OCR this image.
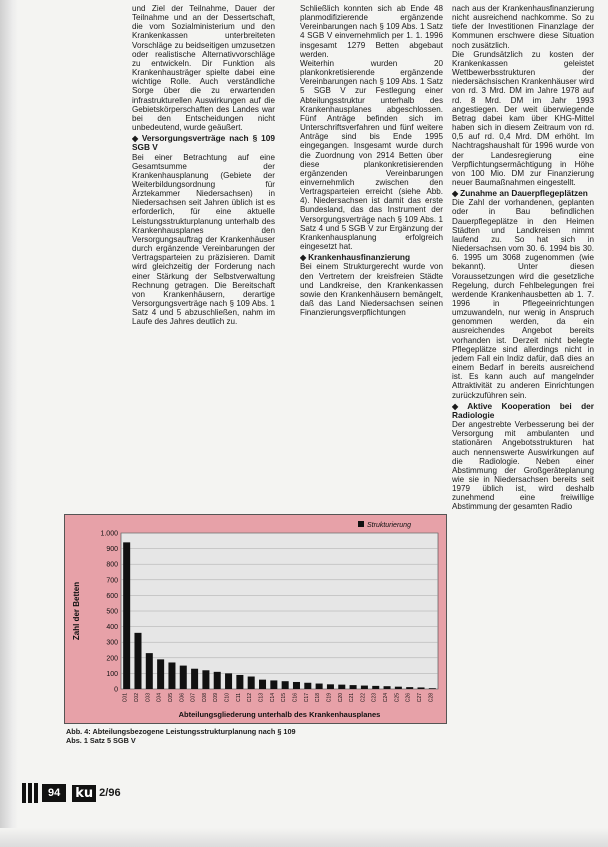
und Ziel der Teilnahme, Dauer der Teilnahme und an der Dessertschaft, die vom Sozialministerium und den Krankenkassen unterbreiteten Vorschläge zu beidseitigen umzusetzen oder realistische Alternativvorschläge zu entwickeln. Dir Funktion als Krankenhausträger spielte dabei eine wichtige Rolle. Auch verständliche Sorge über die zu erwartenden infrastrukturellen Auswirkungen auf die Gebietskörperschaften des Landes war bei den Entscheidungen nicht unbedeutend, wurde geäußert.

◆ Versorgungsverträge nach § 109 SGB V

Bei einer Betrachtung auf eine Gesamtsumme der Krankenhausplanung (Gebiete der Weiterbildungsordnung für Ärztekammer Niedersachsen) in Niedersachsen seit Jahren üblich ist es erforderlich, für eine aktuelle Leistungsstrukturplanung unterhalb des Krankenhausplanes den Versorgungsauftrag der Krankenhäuser durch ergänzende Vereinbarungen der Vertragsparteien zu präzisieren. Damit wird gleichzeitig der Forderung nach einer Stärkung der Selbstverwaltung Rechnung getragen. Die Bereitschaft von Krankenhäusern, derartige Versorgungsverträge nach § 109 Abs. 1 Satz 4 und 5 abzuschließen, nahm im Laufe des Jahres deutlich zu.

Schließlich konnten sich ab Ende 48 planmodifizierende ergänzende Vereinbarungen nach § 109 Abs. 1 Satz 4 SGB V einvernehmlich per 1. 1. 1996 insgesamt 1279 Betten abgebaut werden.

Weiterhin wurden 20 plankonkretisierende ergänzende Vereinbarungen nach § 109 Abs. 1 Satz 5 SGB V zur Festlegung einer Abteilungsstruktur unterhalb des Krankenhausplanes abgeschlossen. Fünf Anträge befinden sich im Unterschriftsverfahren und fünf weitere Anträge sind bis Ende 1995 eingegangen. Insgesamt wurde durch die Zuordnung von 2914 Betten über diese plankonkretisierenden ergänzenden Vereinbarungen einvernehmlich zwischen den Vertragsparteien erreicht (siehe Abb. 4). Niedersachsen ist damit das erste Bundesland, das das Instrument der Versorgungsverträge nach § 109 Abs. 1 Satz 4 und 5 SGB V zur Ergänzung der Krankenhausplanung erfolgreich eingesetzt hat.

◆ Krankenhausfinanzierung

Bei einem Strukturgerecht wurde von den Vertretern der kreisfreien Städte und Landkreise, den Krankenkassen sowie den Krankenhäusern bemängelt, daß das Land Niedersachsen seinen Finanzierungsverpflichtungen

nach aus der Krankenhausfinanzierung nicht ausreichend nachkomme. So zu tiefe der Investitionen Finanzlage der Kommunen erschwere diese Situation noch zusätzlich.

Die Grundsätzlich zu kosten der Krankenkassen geleistet Wettbewerbsstrukturen der niedersächsischen Krankenhäuser wird von rd. 3 Mrd. DM im Jahre 1978 auf rd. 8 Mrd. DM im Jahr 1993 angestiegen. Der weit überwiegende Betrag dabei kam über KHG-Mittel haben sich in diesem Zeitraum von rd. 0,5 auf rd. 0,4 Mrd. DM erhöht. Im Nachtragshaushalt für 1996 wurde von der Landesregierung eine Verpflichtungsermächtigung in Höhe von 100 Mio. DM zur Finanzierung neuer Baumaßnahmen eingestellt.

◆ Zunahme an Dauerpflegeplätzen

Die Zahl der vorhandenen, geplanten oder in Bau befindlichen Dauerpflegeplätze in den Heimen Städten und Landkreisen nimmt laufend zu. So hat sich in Niedersachsen vom 30. 6. 1994 bis 30. 6. 1995 um 3068 zugenommen (wie bekannt). Unter diesen Voraussetzungen wird die gesetzliche Regelung, durch Fehlbelegungen frei werdende Krankenhausbetten ab 1. 7. 1996 in Pflegeeinrichtungen umzuwandeln, nur wenig in Anspruch genommen werden, da ein ausreichendes Angebot bereits vorhanden ist. Derzeit nicht belegte Pflegeplätze sind allerdings nicht in jedem Fall ein Indiz dafür, daß dies an einem Bedarf in bereits ausreichend ist. Es kann auch auf mangelnder Attraktivität zu anderen Einrichtungen zurückzuführen sein.

◆ Aktive Kooperation bei der Radiologie

Der angestrebte Verbesserung bei der Versorgung mit ambulanten und stationären Angebotsstrukturen hat auch nennenswerte Auswirkungen auf die Radiologie. Neben einer Abstimmung der Großgeräteplanung wie sie in Niedersachsen bereits seit 1979 üblich ist, wird deshalb zunehmend eine freiwillige Abstimmung der gesamten Radio

0
100
200
300
400
500
600
700
800
900
1.000
C01 C02 C03 C04 C05 C06 C07 C08 C09 C10 C11 C12 C13 C14 C15 C16 C17 C18 C19 C20 C21 C22 C23 C24 C25 C26 C27 C28
Zahl der Betten
Abteilungsgliederung unterhalb des Krankenhausplanes
Strukturierung
Abb. 4: Abteilungsbezogene Leistungsstrukturplanung nach § 109
Abs. 1 Satz 5 SGB V
94	ku 2/96
